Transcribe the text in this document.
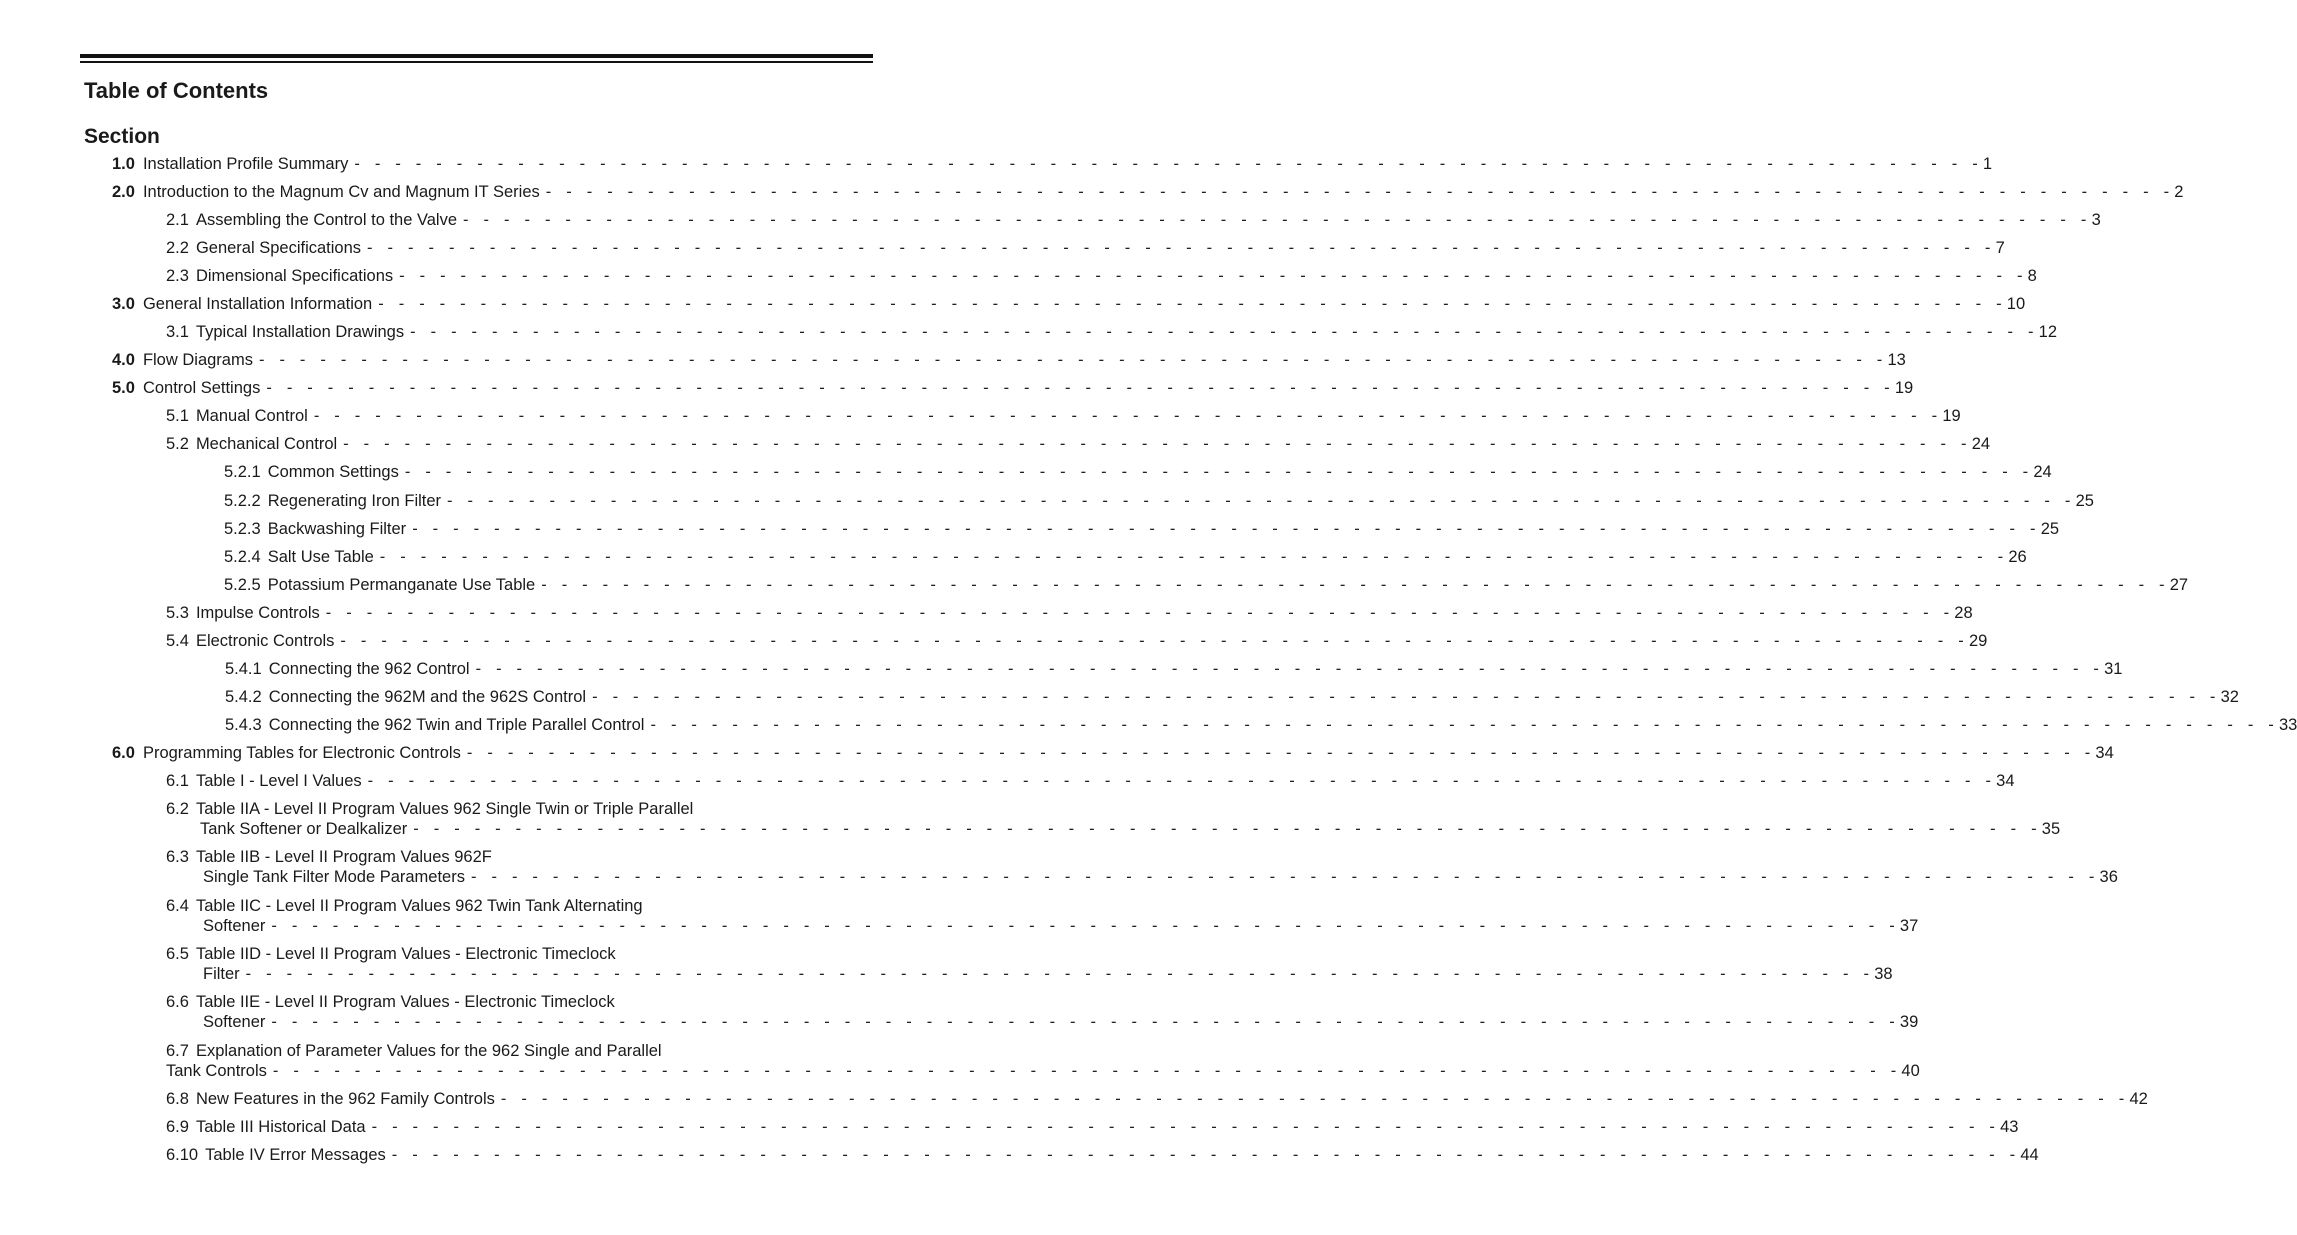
Table of Contents
Section
1.0 Installation Profile Summary - - - - - - - - - - - - - - - - - - - - - - - - - - - - - - - - - - - - - - - - - - - - - - - - - - - - - - - - - - - - - - - - - - - - - - - - - - - - - - - - 1
2.0 Introduction to the Magnum Cv and Magnum IT Series - - - - - - - - - - - - - - - - - - - - - - - - - - - - - - - - - - - - - - - - - - - - - - - - - - - - - - - - - - - - - - - - - - - - - - - - - - - - - - - - 2
2.1 Assembling the Control to the Valve - - - - - - - - - - - - - - - - - - - - - - - - - - - - - - - - - - - - - - - - - - - - - - - - - - - - - - - - - - - - - - - - - - - - - - - - - - - - - - - - 3
2.2 General Specifications - - - - - - - - - - - - - - - - - - - - - - - - - - - - - - - - - - - - - - - - - - - - - - - - - - - - - - - - - - - - - - - - - - - - - - - - - - - - - - - - 7
2.3 Dimensional Specifications - - - - - - - - - - - - - - - - - - - - - - - - - - - - - - - - - - - - - - - - - - - - - - - - - - - - - - - - - - - - - - - - - - - - - - - - - - - - - - - - 8
3.0 General Installation Information - - - - - - - - - - - - - - - - - - - - - - - - - - - - - - - - - - - - - - - - - - - - - - - - - - - - - - - - - - - - - - - - - - - - - - - - - - - - - - - - 10
3.1 Typical Installation Drawings - - - - - - - - - - - - - - - - - - - - - - - - - - - - - - - - - - - - - - - - - - - - - - - - - - - - - - - - - - - - - - - - - - - - - - - - - - - - - - - - 12
4.0 Flow Diagrams - - - - - - - - - - - - - - - - - - - - - - - - - - - - - - - - - - - - - - - - - - - - - - - - - - - - - - - - - - - - - - - - - - - - - - - - - - - - - - - - 13
5.0 Control Settings - - - - - - - - - - - - - - - - - - - - - - - - - - - - - - - - - - - - - - - - - - - - - - - - - - - - - - - - - - - - - - - - - - - - - - - - - - - - - - - - 19
5.1 Manual Control - - - - - - - - - - - - - - - - - - - - - - - - - - - - - - - - - - - - - - - - - - - - - - - - - - - - - - - - - - - - - - - - - - - - - - - - - - - - - - - - 19
5.2 Mechanical Control - - - - - - - - - - - - - - - - - - - - - - - - - - - - - - - - - - - - - - - - - - - - - - - - - - - - - - - - - - - - - - - - - - - - - - - - - - - - - - - - 24
5.2.1 Common Settings - - - - - - - - - - - - - - - - - - - - - - - - - - - - - - - - - - - - - - - - - - - - - - - - - - - - - - - - - - - - - - - - - - - - - - - - - - - - - - - - 24
5.2.2 Regenerating Iron Filter - - - - - - - - - - - - - - - - - - - - - - - - - - - - - - - - - - - - - - - - - - - - - - - - - - - - - - - - - - - - - - - - - - - - - - - - - - - - - - - - 25
5.2.3 Backwashing Filter - - - - - - - - - - - - - - - - - - - - - - - - - - - - - - - - - - - - - - - - - - - - - - - - - - - - - - - - - - - - - - - - - - - - - - - - - - - - - - - - 25
5.2.4 Salt Use Table - - - - - - - - - - - - - - - - - - - - - - - - - - - - - - - - - - - - - - - - - - - - - - - - - - - - - - - - - - - - - - - - - - - - - - - - - - - - - - - - 26
5.2.5 Potassium Permanganate Use Table - - - - - - - - - - - - - - - - - - - - - - - - - - - - - - - - - - - - - - - - - - - - - - - - - - - - - - - - - - - - - - - - - - - - - - - - - - - - - - - - 27
5.3 Impulse Controls - - - - - - - - - - - - - - - - - - - - - - - - - - - - - - - - - - - - - - - - - - - - - - - - - - - - - - - - - - - - - - - - - - - - - - - - - - - - - - - - 28
5.4 Electronic Controls - - - - - - - - - - - - - - - - - - - - - - - - - - - - - - - - - - - - - - - - - - - - - - - - - - - - - - - - - - - - - - - - - - - - - - - - - - - - - - - - 29
5.4.1 Connecting the 962 Control - - - - - - - - - - - - - - - - - - - - - - - - - - - - - - - - - - - - - - - - - - - - - - - - - - - - - - - - - - - - - - - - - - - - - - - - - - - - - - - - 31
5.4.2 Connecting the 962M and the 962S Control - - - - - - - - - - - - - - - - - - - - - - - - - - - - - - - - - - - - - - - - - - - - - - - - - - - - - - - - - - - - - - - - - - - - - - - - - - - - - - - - 32
5.4.3 Connecting the 962 Twin and Triple Parallel Control - - - - - - - - - - - - - - - - - - - - - - - - - - - - - - - - - - - - - - - - - - - - - - - - - - - - - - - - - - - - - - - - - - - - - - - - - - - - - - - - 33
6.0 Programming Tables for Electronic Controls - - - - - - - - - - - - - - - - - - - - - - - - - - - - - - - - - - - - - - - - - - - - - - - - - - - - - - - - - - - - - - - - - - - - - - - - - - - - - - - - 34
6.1 Table I - Level I Values - - - - - - - - - - - - - - - - - - - - - - - - - - - - - - - - - - - - - - - - - - - - - - - - - - - - - - - - - - - - - - - - - - - - - - - - - - - - - - - - 34
6.2 Table IIA - Level II Program Values 962 Single Twin or Triple Parallel
Tank Softener or Dealkalizer - - - - - - - - - - - - - - - - - - - - - - - - - - - - - - - - - - - - - - - - - - - - - - - - - - - - - - - - - - - - - - - - - - - - - - - - - - - - - - - - 35
6.3 Table IIB - Level II Program Values 962F
Single Tank Filter Mode Parameters - - - - - - - - - - - - - - - - - - - - - - - - - - - - - - - - - - - - - - - - - - - - - - - - - - - - - - - - - - - - - - - - - - - - - - - - - - - - - - - - 36
6.4 Table IIC - Level II Program Values 962 Twin Tank Alternating
Softener - - - - - - - - - - - - - - - - - - - - - - - - - - - - - - - - - - - - - - - - - - - - - - - - - - - - - - - - - - - - - - - - - - - - - - - - - - - - - - - - 37
6.5 Table IID - Level II Program Values - Electronic Timeclock
Filter - - - - - - - - - - - - - - - - - - - - - - - - - - - - - - - - - - - - - - - - - - - - - - - - - - - - - - - - - - - - - - - - - - - - - - - - - - - - - - - - 38
6.6 Table IIE - Level II Program Values - Electronic Timeclock
Softener - - - - - - - - - - - - - - - - - - - - - - - - - - - - - - - - - - - - - - - - - - - - - - - - - - - - - - - - - - - - - - - - - - - - - - - - - - - - - - - - 39
6.7 Explanation of Parameter Values for the 962 Single and Parallel
Tank Controls - - - - - - - - - - - - - - - - - - - - - - - - - - - - - - - - - - - - - - - - - - - - - - - - - - - - - - - - - - - - - - - - - - - - - - - - - - - - - - - - 40
6.8 New Features in the 962 Family Controls - - - - - - - - - - - - - - - - - - - - - - - - - - - - - - - - - - - - - - - - - - - - - - - - - - - - - - - - - - - - - - - - - - - - - - - - - - - - - - - - 42
6.9 Table III Historical Data - - - - - - - - - - - - - - - - - - - - - - - - - - - - - - - - - - - - - - - - - - - - - - - - - - - - - - - - - - - - - - - - - - - - - - - - - - - - - - - - 43
6.10 Table IV Error Messages - - - - - - - - - - - - - - - - - - - - - - - - - - - - - - - - - - - - - - - - - - - - - - - - - - - - - - - - - - - - - - - - - - - - - - - - - - - - - - - - 44
